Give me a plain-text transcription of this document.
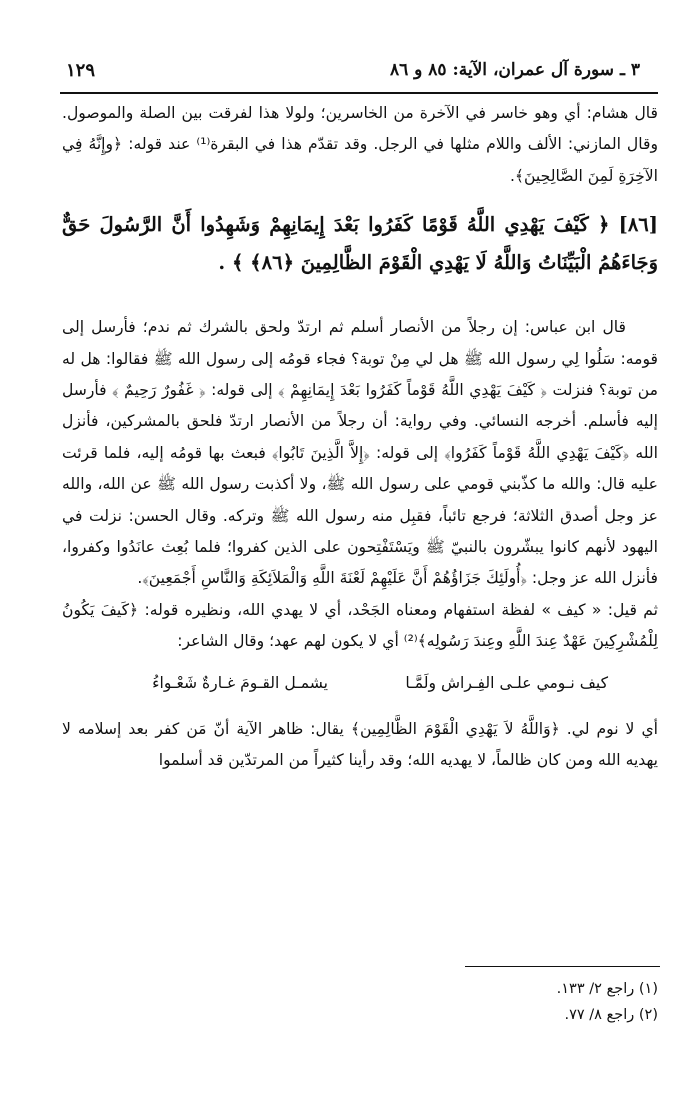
٣ ـ سورة آل عمران، الآية: ٨٥ و ٨٦
١٢٩

قال هشام: أي وهو خاسر في الآخرة من الخاسرين؛ ولولا هذا لفرقت بين الصلة والموصول. وقال المازني: الألف واللام مثلها في الرجل. وقد تقدّم هذا في البقرة⁽¹⁾ عند قوله: ﴿وإِنَّهُ فِي الآخِرَةِ لَمِنَ الصَّالِحِينَ﴾.

[٨٦] ﴿ كَيْفَ يَهْدِي اللَّهُ قَوْمًا كَفَرُوا بَعْدَ إِيمَانِهِمْ وَشَهِدُوا أَنَّ الرَّسُولَ حَقٌّ وَجَاءَهُمُ الْبَيِّنَاتُ وَاللَّهُ لَا يَهْدِي الْقَوْمَ الظَّالِمِينَ ﴿٨٦﴾ ﴾ .

قال ابن عباس: إن رجلاً من الأنصار أسلم ثم ارتدّ ولحق بالشرك ثم ندم؛ فأرسل إلى قومه: سَلُوا لِي رسول الله ﷺ هل لي مِنْ توبة؟ فجاء قومُه إلى رسول الله ﷺ فقالوا: هل له من توبة؟ فنزلت ﴿ كَيْفَ يَهْدِي اللَّهُ قَوْماً كَفَرُوا بَعْدَ إِيمَانِهِمْ ﴾ إلى قوله: ﴿ غَفُورٌ رَحِيمٌ ﴾ فأرسل إليه فأسلم. أخرجه النسائي. وفي رواية: أن رجلاً من الأنصار ارتدّ فلحق بالمشركين، فأنزل الله ﴿كَيْفَ يَهْدِي اللَّهُ قَوْماً كَفَرُوا﴾ إلى قوله: ﴿إِلاَّ الَّذِينَ تَابُوا﴾ فبعث بها قومُه إليه، فلما قرئت عليه قال: والله ما كذّبني قومي على رسول الله ﷺ، ولا أكذبت رسول الله ﷺ عن الله، والله عز وجل أصدق الثلاثة؛ فرجع تائباً، فقبِل منه رسول الله ﷺ وتركه. وقال الحسن: نزلت في اليهود لأنهم كانوا يبشّرون بالنبيّ ﷺ ويَسْتَفْتِحون على الذين كفروا؛ فلما بُعِث عانَدُوا وكفروا، فأنزل الله عز وجل: ﴿أُولَئِكَ جَزَاؤُهُمْ أَنَّ عَلَيْهِمْ لَعْنَةَ اللَّهِ وَالْمَلاَئِكَةِ وَالنَّاسِ أَجْمَعِينَ﴾.

ثم قيل: « كيف » لفظة استفهام ومعناه الجَحْد، أي لا يهدي الله، ونظيره قوله: ﴿كَيفَ يَكُونُ لِلْمُشْرِكِينَ عَهْدٌ عِندَ اللَّهِ وعِندَ رَسُولِه﴾⁽²⁾ أي لا يكون لهم عهد؛ وقال الشاعر:

كيف نـومي علـى الفِـراش ولَمَّـا
يشمـل القـومَ غـارةٌ شَعْـواءُ

أي لا نوم لي. ﴿وَاللَّهُ لاَ يَهْدِي الْقَوْمَ الظَّالِمِين﴾ يقال: ظاهر الآية أنّ مَن كفر بعد إسلامه لا يهديه الله ومن كان ظالماً، لا يهديه الله؛ وقد رأينا كثيراً من المرتدّين قد أسلموا

(١) راجع ٢/ ١٣٣.
(٢) راجع ٨/ ٧٧.
